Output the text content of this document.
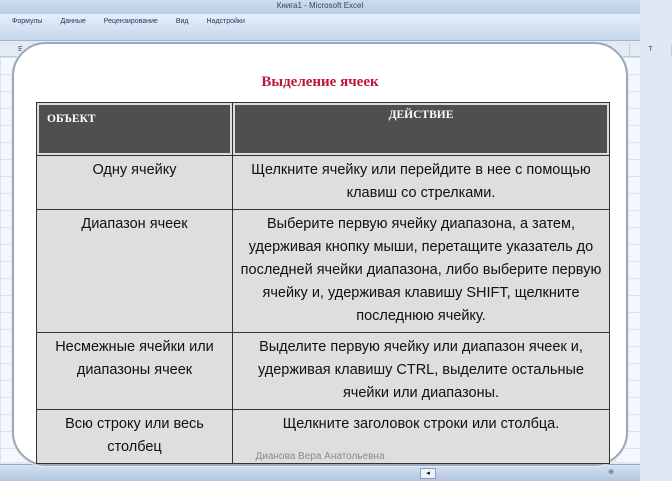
Книга1 - Microsoft Excel
Формулы	Данные	Рецензирование	Вид	Надстройки
E	T
◂	⊕
Выделение ячеек
ОБЪЕКТ	ДЕЙСТВИЕ
Одну ячейку	Щелкните ячейку или перейдите в нее с помощью клавиш со стрелками.
Диапазон ячеек	Выберите первую ячейку диапазона, а затем, удерживая кнопку мыши, перетащите указатель до последней ячейки диапазона, либо выберите первую ячейку и, удерживая клавишу SHIFT, щелкните последнюю ячейку.
Несмежные ячейки или диапазоны ячеек	Выделите первую ячейку или диапазон ячеек и, удерживая клавишу CTRL, выделите остальные ячейки или диапазоны.
Всю строку или весь столбец	Щелкните заголовок строки или столбца.
Дианова Вера Анатольевна
